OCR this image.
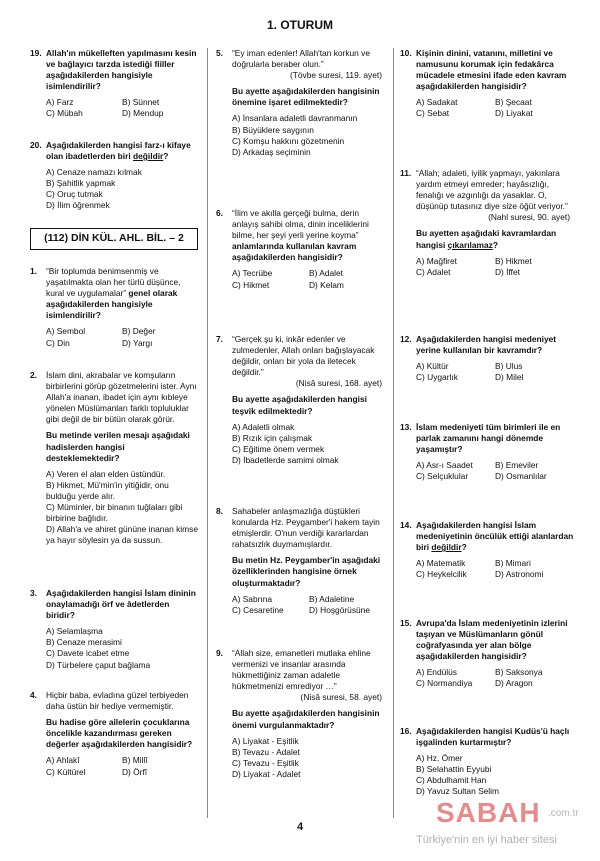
1. OTURUM
19. Allah'ın mükelleften yapılmasını kesin ve bağlayıcı tarzda istediği fiiller aşağıdakilerden hangisiyle isimlendirilir?
A) Farz	B) Sünnet
C) Mübah	D) Mendup
20. Aşağıdakilerden hangisi farz-ı kifaye olan ibadetlerden biri değildir?
A) Cenaze namazı kılmak
B) Şahitlik yapmak
C) Oruç tutmak
D) İlim öğrenmek
(112) DİN KÜL. AHL. BİL. – 2
1.	“Bir toplumda benimsenmiş ve yaşatılmakta olan her türlü düşünce, kural ve uygulamalar” genel olarak aşağıdakilerden hangisiyle isimlendirilir?
A) Sembol	B) Değer
C) Din	D) Yargı
2.	İslam dini, akrabalar ve komşuların birbirlerini görüp gözetmelerini ister. Aynı Allah'a inanan, ibadet için aynı kıbleye yönelen Müslümanları farklı topluluklar gibi değil de bir bütün olarak görür.
Bu metinde verilen mesajı aşağıdaki hadislerden hangisi desteklemektedir?
A) Veren el alan elden üstündür.
B) Hikmet, Mü'min'in yitiğidir, onu bulduğu yerde alır.
C) Müminler, bir binanın tuğlaları gibi birbirine bağlıdır.
D) Allah'a ve ahiret gününe inanan kimse ya hayır söylesin ya da sussun.
3.	Aşağıdakilerden hangisi İslam dininin onaylamadığı örf ve âdetlerden biridir?
A) Selamlaşma
B) Cenaze merasimi
C) Davete icabet etme
D) Türbelere çaput bağlama
4.	Hiçbir baba, evladına güzel terbiyeden daha üstün bir hediye vermemiştir.
Bu hadise göre ailelerin çocuklarına öncelikle kazandırması gereken değerler aşağıdakilerden hangisidir?
A) Ahlakî	B) Millî
C) Kültürel	D) Örfî
5.	“Ey iman edenler! Allah'tan korkun ve doğrularla beraber olun.”
(Tövbe suresi, 119. ayet)
Bu ayette aşağıdakilerden hangisinin önemine işaret edilmektedir?
A) İnsanlara adaletli davranmanın
B) Büyüklere saygının
C) Komşu hakkını gözetmenin
D) Arkadaş seçiminin
6.	“İlim ve akılla gerçeği bulma, derin anlayış sahibi olma, dinin inceliklerini bilme, her şeyi yerli yerine koyma” anlamlarında kullanılan kavram aşağıdakilerden hangisidir?
A) Tecrübe	B) Adalet
C) Hikmet	D) Kelam
7.	“Gerçek şu ki, inkâr edenler ve zulmedenler, Allah onları bağışlayacak değildir, onları bir yola da iletecek değildir.”
(Nisâ suresi, 168. ayet)
Bu ayette aşağıdakilerden hangisi teşvik edilmektedir?
A) Adaletli olmak
B) Rızık için çalışmak
C) Eğitime önem vermek
D) İbadetlerde samimi olmak
8.	Sahabeler anlaşmazlığa düştükleri konularda Hz. Peygamber'i hakem tayin etmişlerdir. O'nun verdiği kararlardan rahatsızlık duymamışlardır.
Bu metin Hz. Peygamber'in aşağıdaki özelliklerinden hangisine örnek oluşturmaktadır?
A) Sabrına	B) Adaletine
C) Cesaretine	D) Hoşgörüsüne
9.	“Allah size, emanetleri mutlaka ehline vermenizi ve insanlar arasında hükmettiğiniz zaman adaletle hükmetmenizi emrediyor …”
(Nisâ suresi, 58. ayet)
Bu ayette aşağıdakilerden hangisinin önemi vurgulanmaktadır?
A) Liyakat - Eşitlik
B) Tevazu - Adalet
C) Tevazu - Eşitlik
D) Liyakat - Adalet
10. Kişinin dinini, vatanını, milletini ve namusunu korumak için fedakârca mücadele etmesini ifade eden kavram aşağıdakilerden hangisidir?
A) Sadakat	B) Şecaat
C) Sebat	D) Liyakat
11. “Allah; adaleti, iyilik yapmayı, yakınlara yardım etmeyi emreder; hayâsızlığı, fenalığı ve azgınlığı da yasaklar. O, düşünüp tutasınız diye size öğüt veriyor.”
(Nahl suresi, 90. ayet)
Bu ayetten aşağıdaki kavramlardan hangisi çıkarılamaz?
A) Mağfiret	B) Hikmet
C) Adalet	D) İffet
12. Aşağıdakilerden hangisi medeniyet yerine kullanılan bir kavramdır?
A) Kültür	B) Ulus
C) Uygarlık	D) Milel
13. İslam medeniyeti tüm birimleri ile en parlak zamanını hangi dönemde yaşamıştır?
A) Asr-ı Saadet	B) Emeviler
C) Selçuklular	D) Osmanlılar
14. Aşağıdakilerden hangisi İslam medeniyetinin öncülük ettiği alanlardan biri değildir?
A) Matematik	B) Mimari
C) Heykelcilik	D) Astronomi
15. Avrupa'da İslam medeniyetinin izlerini taşıyan ve Müslümanların gönül coğrafyasında yer alan bölge aşağıdakilerden hangisidir?
A) Endülüs	B) Saksonya
C) Normandiya	D) Aragon
16. Aşağıdakilerden hangisi Kudüs'ü haçlı işgalinden kurtarmıştır?
A) Hz. Ömer
B) Selahattin Eyyubi
C) Abdulhamit Han
D) Yavuz Sultan Selim
SABAH .com.tr
Türkiye'nin en iyi haber sitesi
4
